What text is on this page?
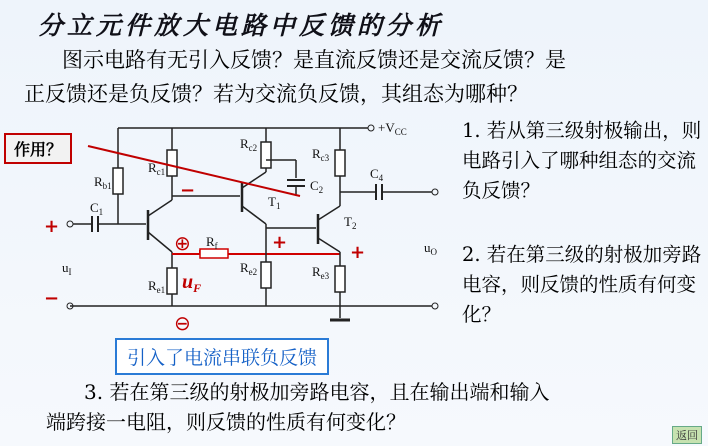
分立元件放大电路中反馈的分析
图示电路有无引入反馈？是直流反馈还是交流反馈？是
正反馈还是负反馈？若为交流负反馈，其组态为哪种？
$+V_{CC}$
$R_{b1}$
$R_{c1}$
$R_{e1}$
$R_{c2}$
$R_{e2}$
$R_{c3}$
$R_{e3}$
$R_f$
$C_1$
$C_2$
$C_4$
$T_1$
$T_2$
$u_I$
$u_O$
$u_F$
+
−
−
+	+
⊕
⊖
作用？
引入了电流串联负反馈
1. 若从第三级射极输出，则电路引入了哪种组态的交流负反馈？
2. 若在第三级的射极加旁路电容，则反馈的性质有何变化？
3. 若在第三级的射极加旁路电容，且在输出端和输入
端跨接一电阻，则反馈的性质有何变化？
返回
